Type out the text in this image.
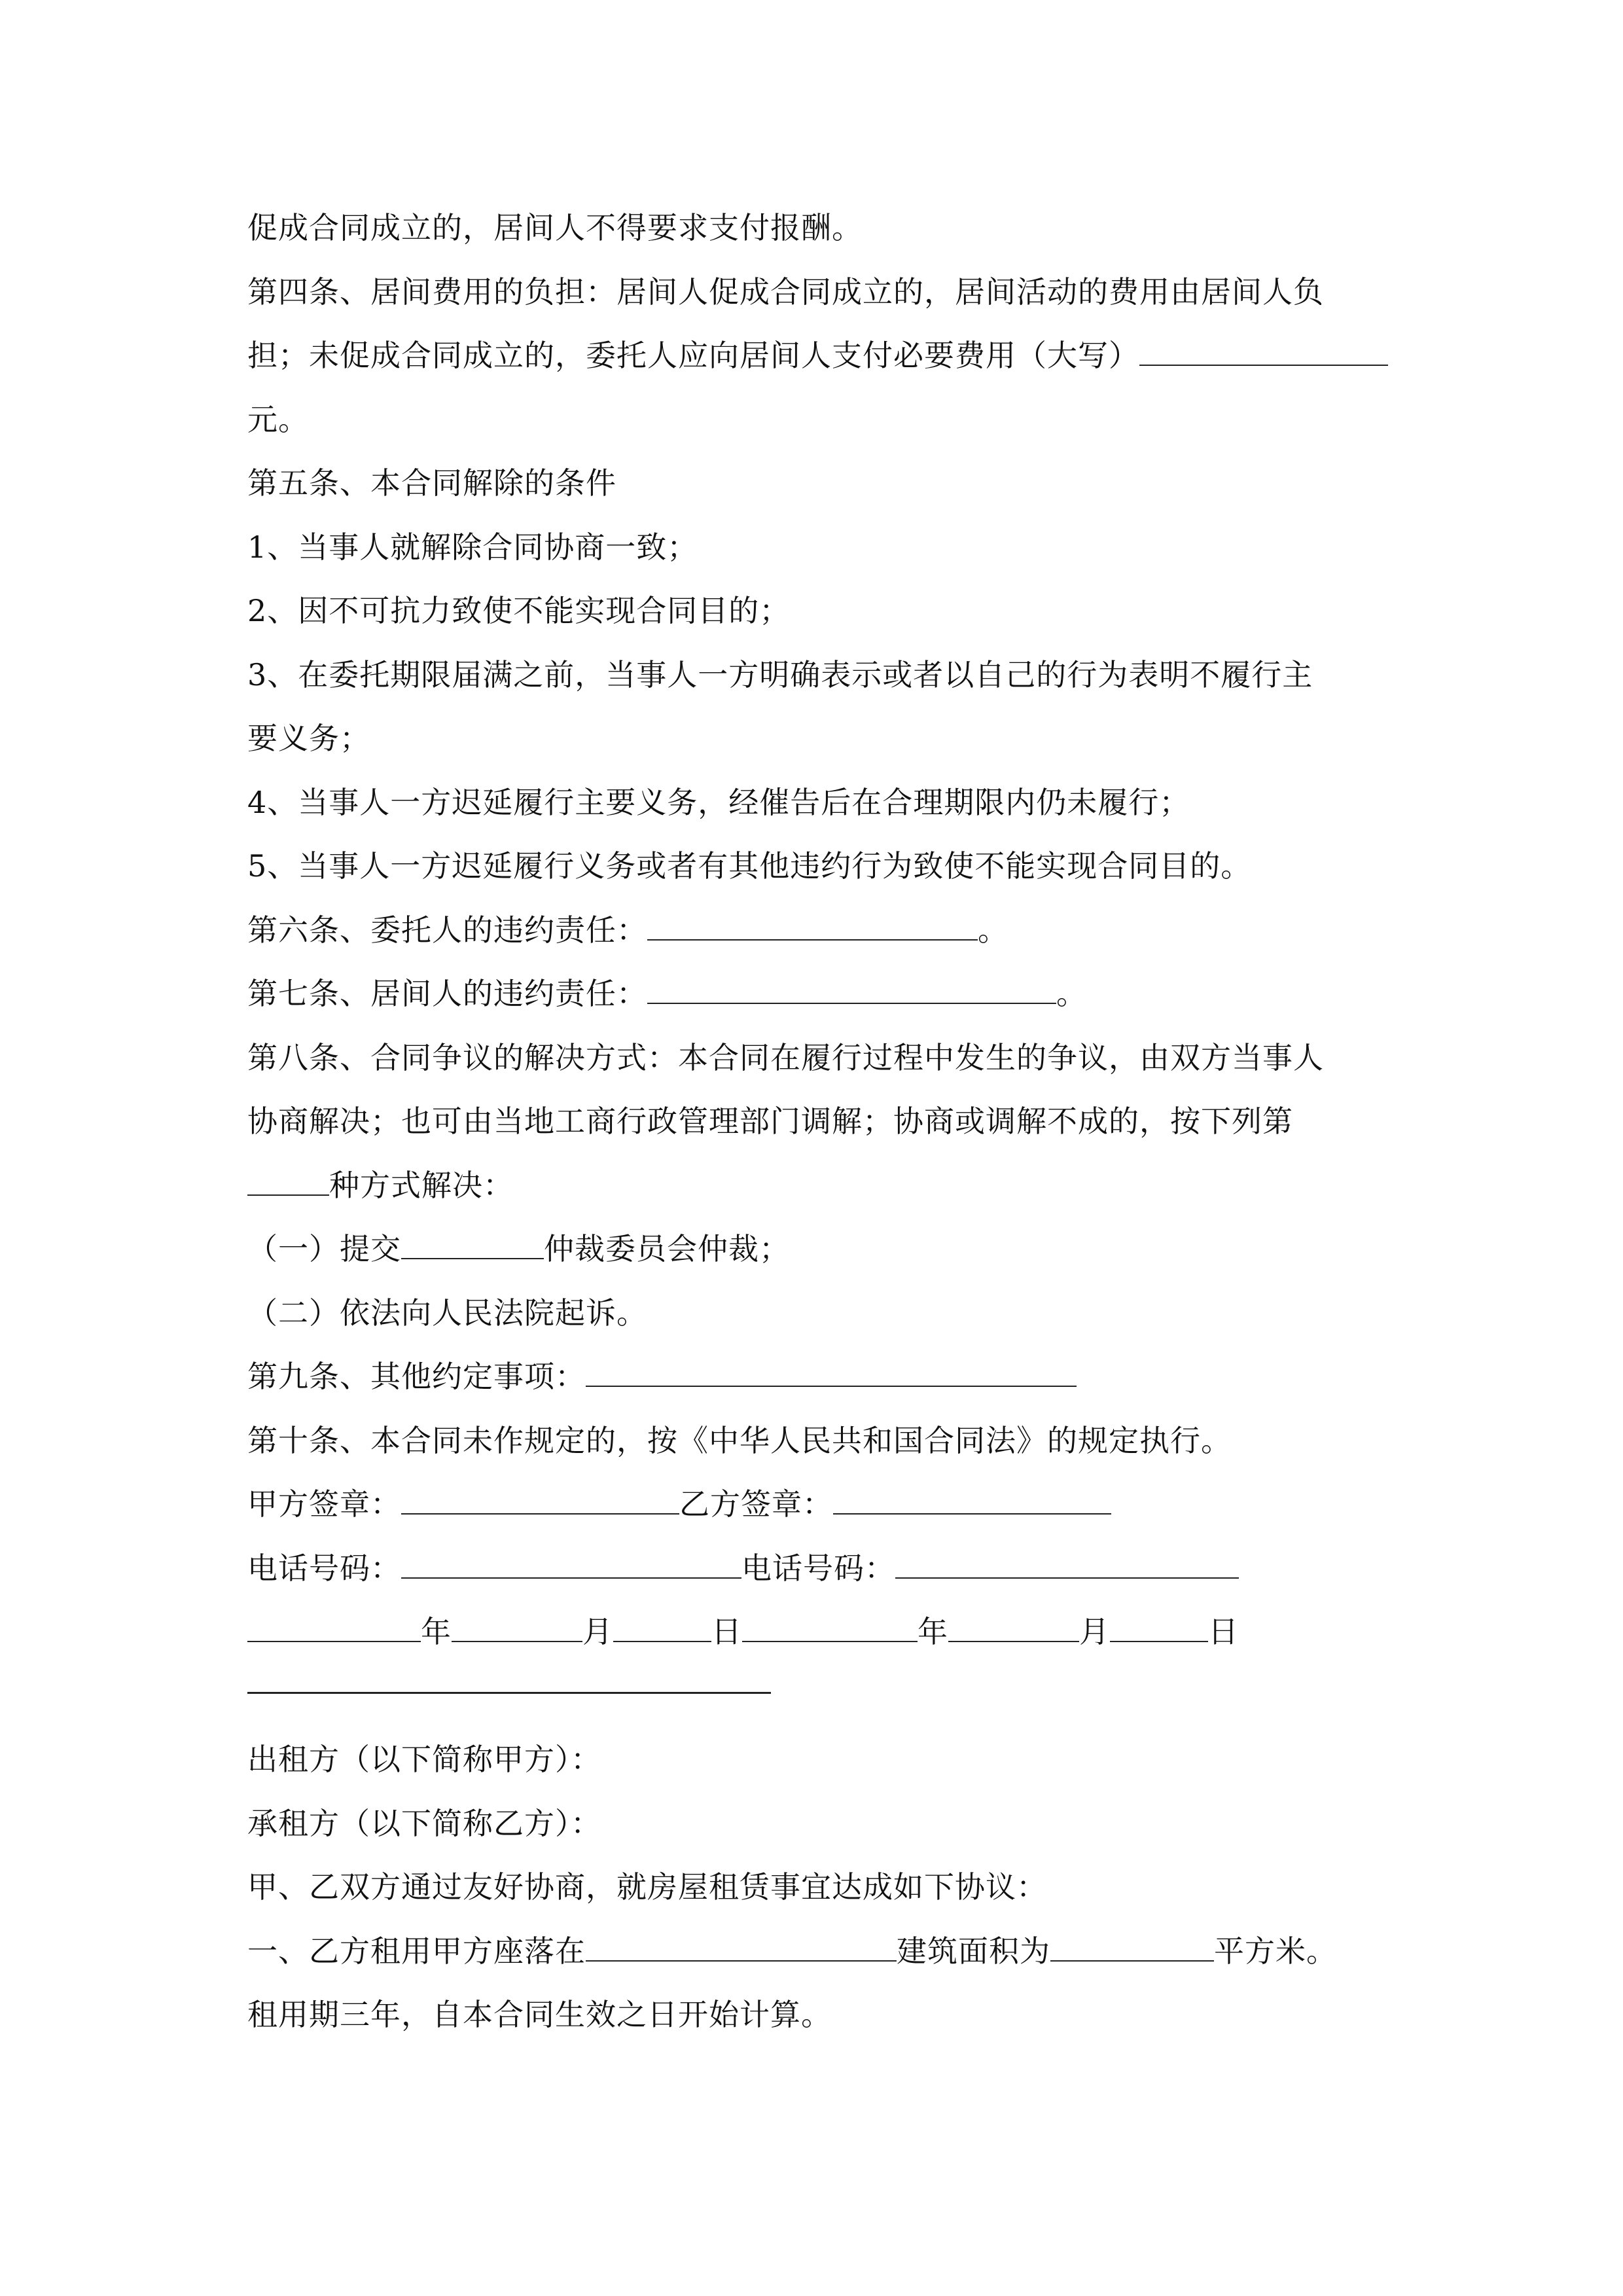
促成合同成立的，居间人不得要求支付报酬。
第四条、居间费用的负担：居间人促成合同成立的，居间活动的费用由居间人负
担；未促成合同成立的，委托人应向居间人支付必要费用（大写）
元。
第五条、本合同解除的条件
1、当事人就解除合同协商一致；
2、因不可抗力致使不能实现合同目的；
3、在委托期限届满之前，当事人一方明确表示或者以自己的行为表明不履行主
要义务；
4、当事人一方迟延履行主要义务，经催告后在合理期限内仍未履行；
5、当事人一方迟延履行义务或者有其他违约行为致使不能实现合同目的。
第六条、委托人的违约责任：	。
第七条、居间人的违约责任：	。
第八条、合同争议的解决方式：本合同在履行过程中发生的争议，由双方当事人
协商解决；也可由当地工商行政管理部门调解；协商或调解不成的，按下列第
种方式解决：
（一）提交	仲裁委员会仲裁；
（二）依法向人民法院起诉。
第九条、其他约定事项：
第十条、本合同未作规定的，按《中华人民共和国合同法》的规定执行。
甲方签章：	乙方签章：
电话号码：	电话号码：
年	月	日	年	月	日
出租方（以下简称甲方）：
承租方（以下简称乙方）：
甲、乙双方通过友好协商，就房屋租赁事宜达成如下协议：
一、乙方租用甲方座落在	建筑面积为	平方米。
租用期三年，自本合同生效之日开始计算。
